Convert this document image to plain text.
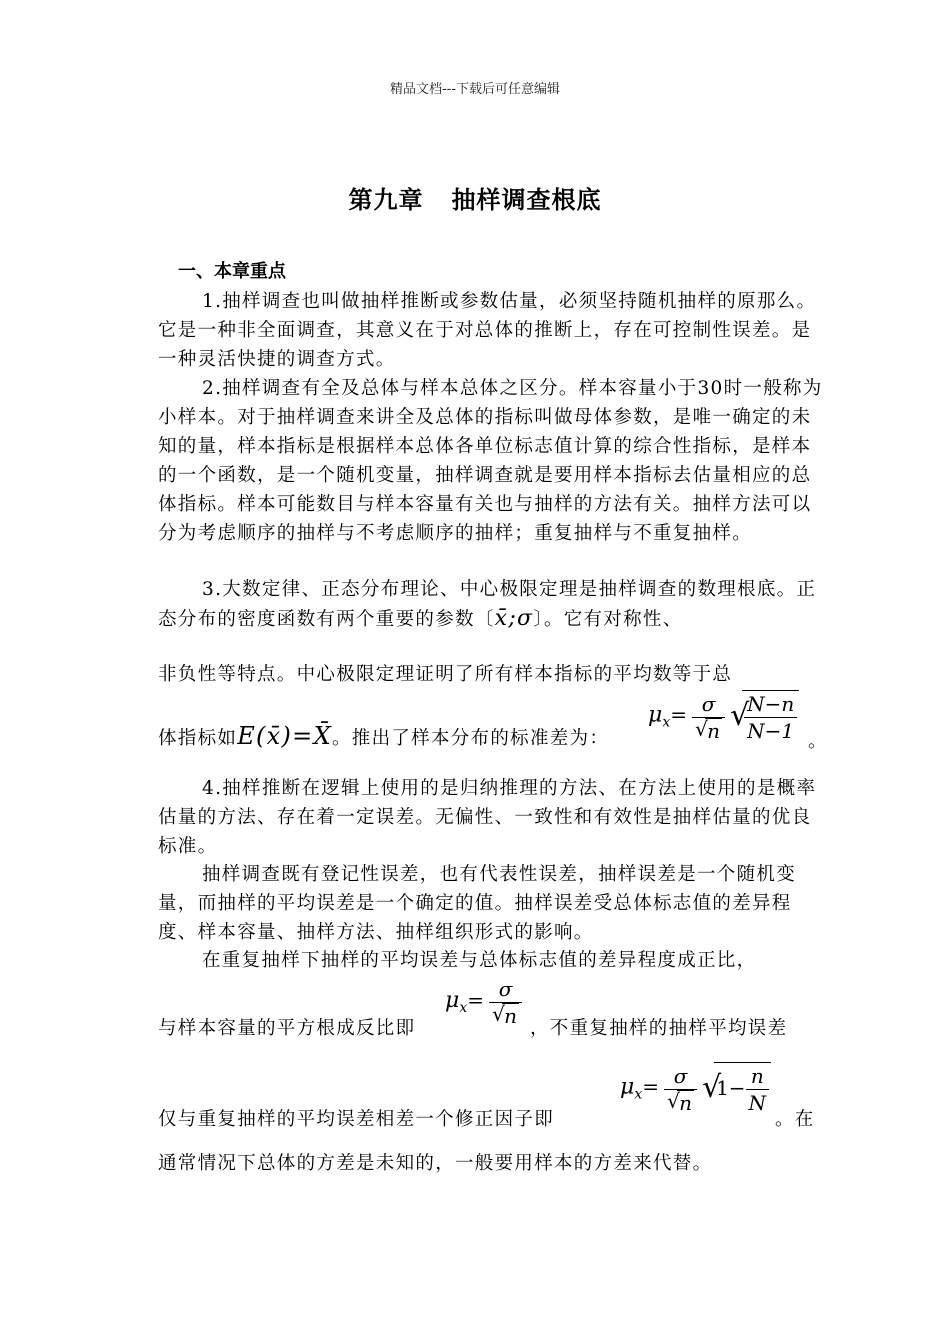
精品文档---下载后可任意编辑
第九章 抽样调查根底
一、本章重点

1.抽样调查也叫做抽样推断或参数估量，必须坚持随机抽样的原那么。它是一种非全面调查，其意义在于对总体的推断上，存在可控制性误差。是一种灵活快捷的调查方式。

2.抽样调查有全及总体与样本总体之区分。样本容量小于30时一般称为小样本。对于抽样调查来讲全及总体的指标叫做母体参数，是唯一确定的未知的量，样本指标是根据样本总体各单位标志值计算的综合性指标，是样本的一个函数，是一个随机变量，抽样调查就是要用样本指标去估量相应的总体指标。样本可能数目与样本容量有关也与抽样的方法有关。抽样方法可以分为考虑顺序的抽样与不考虑顺序的抽样；重复抽样与不重复抽样。

3.大数定律、正态分布理论、中心极限定理是抽样调查的数理根底。正态分布的密度函数有两个重要的参数〔x̄;σ〕。它有对称性、

非负性等特点。中心极限定理证明了所有样本指标的平均数等于总

体指标如E(x̄)=X̄。推出了样本分布的标准差为：
$\mu x= \frac{\sigma}{√ n}$
√
$\frac{N-n}{N-1}$ 。

4.抽样推断在逻辑上使用的是归纳推理的方法、在方法上使用的是概率估量的方法、存在着一定误差。无偏性、一致性和有效性是抽样估量的优良标准。

抽样调查既有登记性误差，也有代表性误差，抽样误差是一个随机变量，而抽样的平均误差是一个确定的值。抽样误差受总体标志值的差异程度、样本容量、抽样方法、抽样组织形式的影响。

在重复抽样下抽样的平均误差与总体标志值的差异程度成正比，

与样本容量的平方根成反比即
$\mu x= \frac{\sigma}{√ n}$ ，不重复抽样的抽样平均误差
仅与重复抽样的平均误差相差一个修正因子即
$\mu x= \frac{\sigma}{√ n}$
√
$1- \frac{n}{N}$
。在
通常情况下总体的方差是未知的，一般要用样本的方差来代替。
